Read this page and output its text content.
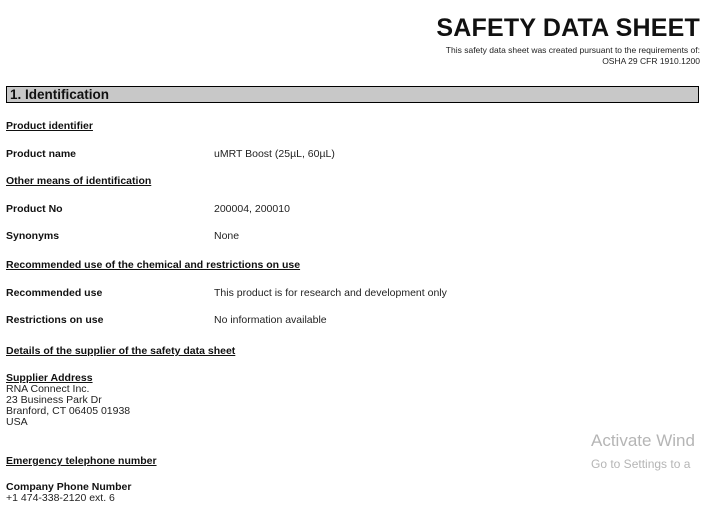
SAFETY DATA SHEET
This safety data sheet was created pursuant to the requirements of:
OSHA 29 CFR 1910.1200
1. Identification
Product identifier
Product name	uMRT Boost (25µL, 60µL)
Other means of identification
Product No	200004, 200010
Synonyms	None
Recommended use of the chemical and restrictions on use
Recommended use	This product is for research and development only
Restrictions on use	No information available
Details of the supplier of the safety data sheet
Supplier Address
RNA Connect Inc.
23 Business Park Dr
Branford, CT 06405 01938
USA
Emergency telephone number
Company Phone Number
+1 474-338-2120 ext. 6
Activate Wind
Go to Settings to a
